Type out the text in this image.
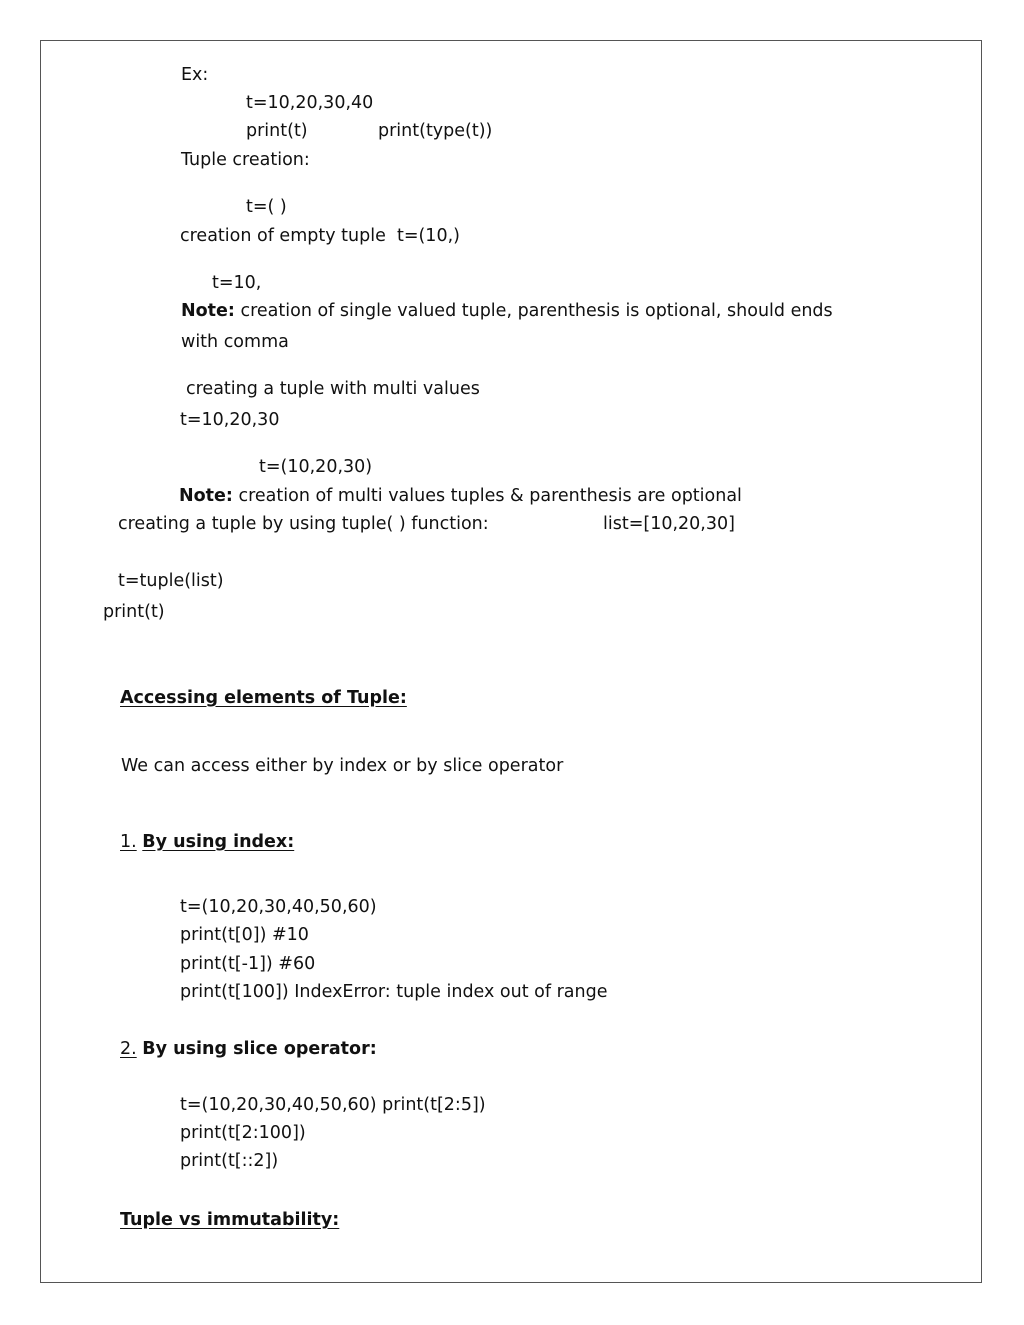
Ex:
t=10,20,30,40
print(t)	print(type(t))
Tuple creation:
t=( )
creation of empty tuple  t=(10,)
t=10,
Note: creation of single valued tuple, parenthesis is optional, should ends
with comma
creating a tuple with multi values
t=10,20,30
t=(10,20,30)
Note: creation of multi values tuples & parenthesis are optional
creating a tuple by using tuple( ) function:	list=[10,20,30]
t=tuple(list)
print(t)
Accessing elements of Tuple:
We can access either by index or by slice operator
1. By using index:
t=(10,20,30,40,50,60)
print(t[0]) #10
print(t[-1]) #60
print(t[100]) IndexError: tuple index out of range
2. By using slice operator:
t=(10,20,30,40,50,60) print(t[2:5])
print(t[2:100])
print(t[::2])
Tuple vs immutability:
